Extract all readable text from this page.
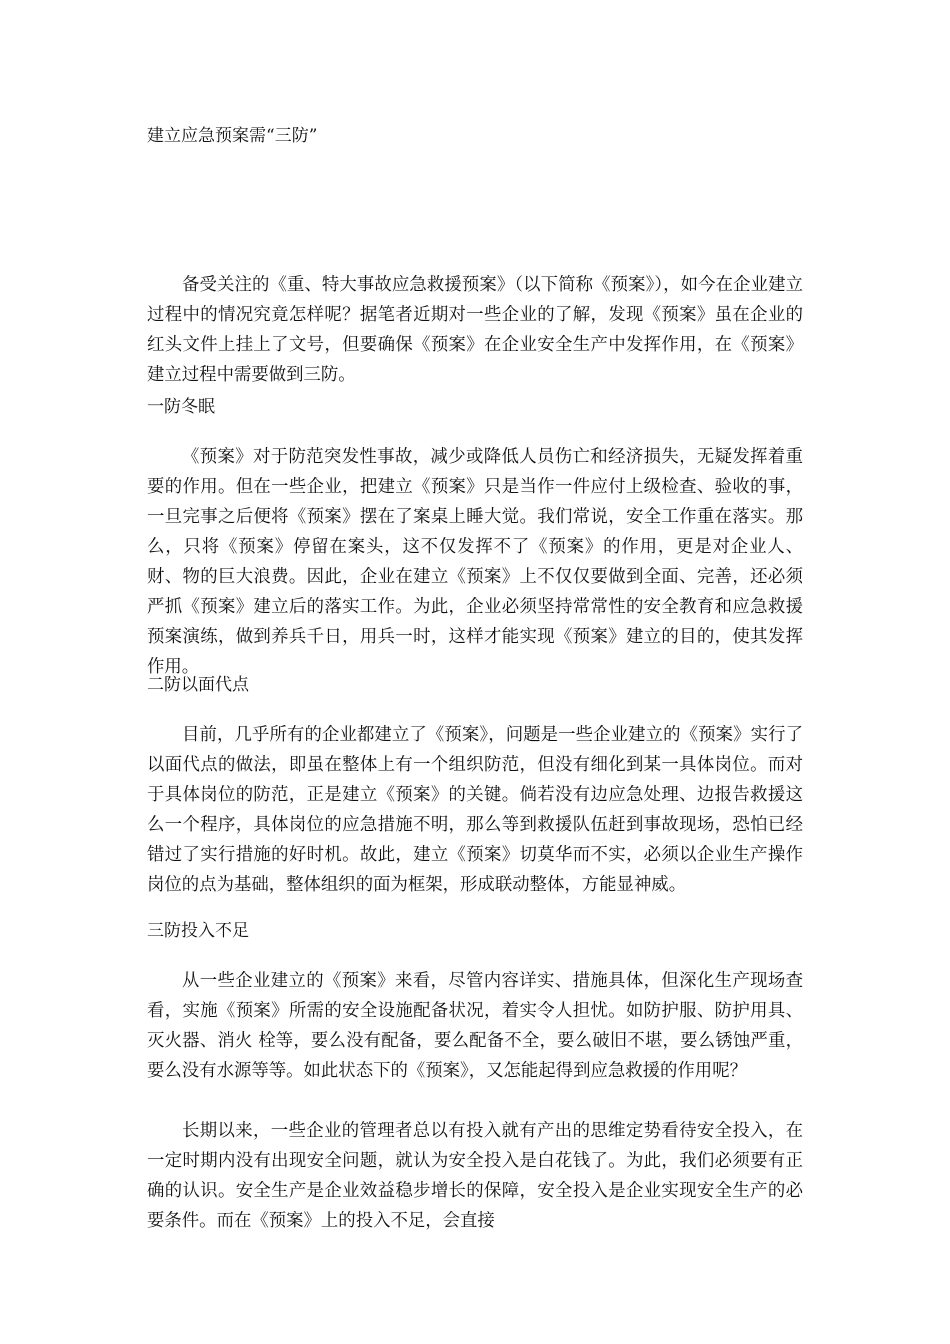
建立应急预案需“三防”

备受关注的《重、特大事故应急救援预案》（以下简称《预案》），如今在企业建立过程中的情况究竟怎样呢？据笔者近期对一些企业的了解，发现《预案》虽在企业的红头文件上挂上了文号，但要确保《预案》在企业安全生产中发挥作用，在《预案》建立过程中需要做到三防。

一防冬眠

《预案》对于防范突发性事故，减少或降低人员伤亡和经济损失，无疑发挥着重要的作用。但在一些企业，把建立《预案》只是当作一件应付上级检查、验收的事，一旦完事之后便将《预案》摆在了案桌上睡大觉。我们常说，安全工作重在落实。那么，只将《预案》停留在案头，这不仅发挥不了《预案》的作用，更是对企业人、财、物的巨大浪费。因此，企业在建立《预案》上不仅仅要做到全面、完善，还必须严抓《预案》建立后的落实工作。为此，企业必须坚持常常性的安全教育和应急救援预案演练，做到养兵千日，用兵一时，这样才能实现《预案》建立的目的，使其发挥作用。

二防以面代点

目前，几乎所有的企业都建立了《预案》，问题是一些企业建立的《预案》实行了以面代点的做法，即虽在整体上有一个组织防范，但没有细化到某一具体岗位。而对于具体岗位的防范，正是建立《预案》的关键。倘若没有边应急处理、边报告救援这么一个程序，具体岗位的应急措施不明，那么等到救援队伍赶到事故现场，恐怕已经错过了实行措施的好时机。故此，建立《预案》切莫华而不实，必须以企业生产操作岗位的点为基础，整体组织的面为框架，形成联动整体，方能显神威。

三防投入不足

从一些企业建立的《预案》来看，尽管内容详实、措施具体，但深化生产现场查看，实施《预案》所需的安全设施配备状况，着实令人担忧。如防护服、防护用具、灭火器、消火 栓等，要么没有配备，要么配备不全，要么破旧不堪，要么锈蚀严重，要么没有水源等等。如此状态下的《预案》，又怎能起得到应急救援的作用呢？

长期以来，一些企业的管理者总以有投入就有产出的思维定势看待安全投入，在一定时期内没有出现安全问题，就认为安全投入是白花钱了。为此，我们必须要有正确的认识。安全生产是企业效益稳步增长的保障，安全投入是企业实现安全生产的必要条件。而在《预案》上的投入不足，会直接
